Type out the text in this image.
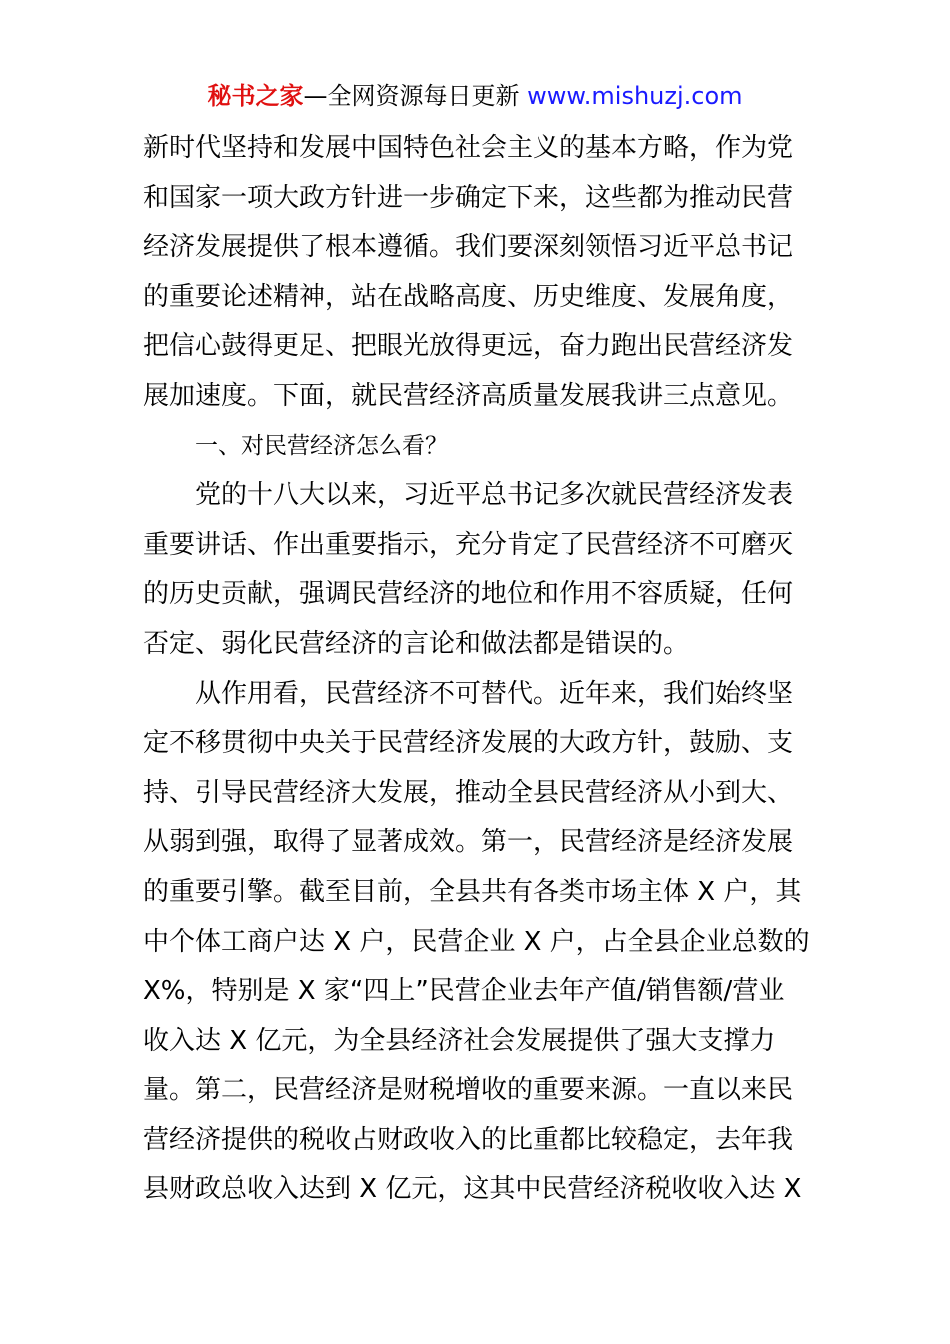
秘书之家—全网资源每日更新 www.mishuzj.com
新时代坚持和发展中国特色社会主义的基本方略，作为党
和国家一项大政方针进一步确定下来，这些都为推动民营
经济发展提供了根本遵循。我们要深刻领悟习近平总书记
的重要论述精神，站在战略高度、历史维度、发展角度，
把信心鼓得更足、把眼光放得更远，奋力跑出民营经济发
展加速度。下面，就民营经济高质量发展我讲三点意见。
一、对民营经济怎么看？
党的十八大以来，习近平总书记多次就民营经济发表
重要讲话、作出重要指示，充分肯定了民营经济不可磨灭
的历史贡献，强调民营经济的地位和作用不容质疑，任何
否定、弱化民营经济的言论和做法都是错误的。
从作用看，民营经济不可替代。近年来，我们始终坚
定不移贯彻中央关于民营经济发展的大政方针，鼓励、支
持、引导民营经济大发展，推动全县民营经济从小到大、
从弱到强，取得了显著成效。第一，民营经济是经济发展
的重要引擎。截至目前，全县共有各类市场主体 X 户，其
中个体工商户达 X 户，民营企业 X 户，占全县企业总数的
X%，特别是 X 家“四上”民营企业去年产值/销售额/营业
收入达 X 亿元，为全县经济社会发展提供了强大支撑力
量。第二，民营经济是财税增收的重要来源。一直以来民
营经济提供的税收占财政收入的比重都比较稳定，去年我
县财政总收入达到 X 亿元，这其中民营经济税收收入达 X
